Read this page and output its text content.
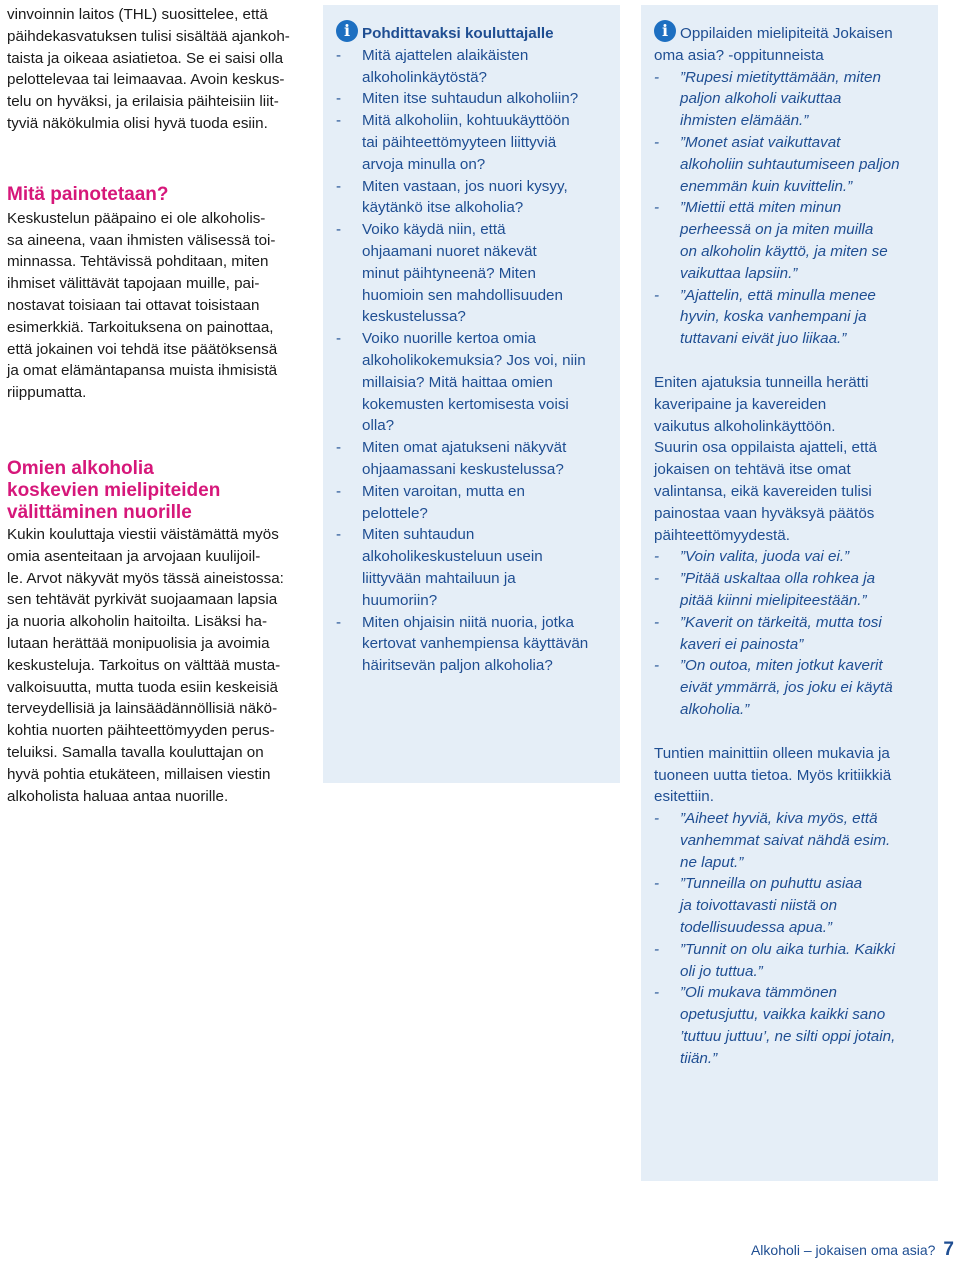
vinvoinnin laitos (THL) suosittelee, että

päihdekasvatuksen tulisi sisältää ajankoh-

taista ja oikeaa asiatietoa. Se ei saisi olla

pelottelevaa tai leimaavaa. Avoin keskus-

telu on hyväksi, ja erilaisia päihteisiin liit-

tyviä näkökulmia olisi hyvä tuoda esiin.

Mitä painotetaan?

Keskustelun pääpaino ei ole alkoholis-

sa aineena, vaan ihmisten välisessä toi-

minnassa. Tehtävissä pohditaan, miten

ihmiset välittävät tapojaan muille, pai-

nostavat toisiaan tai ottavat toisistaan

esimerkkiä. Tarkoituksena on painottaa,

että jokainen voi tehdä itse päätöksensä

ja omat elämäntapansa muista ihmisistä

riippumatta.

Omien alkoholia

koskevien mielipiteiden

välittäminen nuorille

Kukin kouluttaja viestii väistämättä myös

omia asenteitaan ja arvojaan kuulijoil-

le. Arvot näkyvät myös tässä aineistossa:

sen tehtävät pyrkivät suojaamaan lapsia

ja nuoria alkoholin haitoilta. Lisäksi ha-

lutaan herättää monipuolisia ja avoimia

keskusteluja. Tarkoitus on välttää musta-

valkoisuutta, mutta tuoda esiin keskeisiä

terveydellisiä ja lainsäädännöllisiä näkö-

kohtia nuorten päihteettömyyden perus-

teluiksi. Samalla tavalla kouluttajan on

hyvä pohtia etukäteen, millaisen viestin

alkoholista haluaa antaa nuorille.

i Pohdittavaksi kouluttajalle

- Mitä ajattelen alaikäisten
alkoholinkäytöstä?
- Miten itse suhtaudun alkoholiin?
- Mitä alkoholiin, kohtuukäyttöön
tai päihteettömyyteen liittyviä
arvoja minulla on?
- Miten vastaan, jos nuori kysyy,
käytänkö itse alkoholia?
- Voiko käydä niin, että
ohjaamani nuoret näkevät
minut päihtyneenä? Miten
huomioin sen mahdollisuuden
keskustelussa?
- Voiko nuorille kertoa omia
alkoholikokemuksia? Jos voi, niin
millaisia? Mitä haittaa omien
kokemusten kertomisesta voisi
olla?
- Miten omat ajatukseni näkyvät
ohjaamassani keskustelussa?
- Miten varoitan, mutta en
pelottele?
- Miten suhtaudun
alkoholikeskusteluun usein
liittyvään mahtailuun ja
huumoriin?
- Miten ohjaisin niitä nuoria, jotka
kertovat vanhempiensa käyttävän
häiritsevän paljon alkoholia?
i Oppilaiden mielipiteitä Jokaisen
oma asia? -oppitunneista
- ”Rupesi mietityttämään, miten
paljon alkoholi vaikuttaa
ihmisten elämään.”
- ”Monet asiat vaikuttavat
alkoholiin suhtautumiseen paljon
enemmän kuin kuvittelin.”
- ”Miettii että miten minun
perheessä on ja miten muilla
on alkoholin käyttö, ja miten se
vaikuttaa lapsiin.”
- ”Ajattelin, että minulla menee
hyvin, koska vanhempani ja
tuttavani eivät juo liikaa.”

Eniten ajatuksia tunneilla herätti

kaveripaine ja kavereiden

vaikutus alkoholinkäyttöön.

Suurin osa oppilaista ajatteli, että

jokaisen on tehtävä itse omat

valintansa, eikä kavereiden tulisi

painostaa vaan hyväksyä päätös

päihteettömyydestä.

- ”Voin valita, juoda vai ei.”
- ”Pitää uskaltaa olla rohkea ja
pitää kiinni mielipiteestään.”
- ”Kaverit on tärkeitä, mutta tosi
kaveri ei painosta”
- ”On outoa, miten jotkut kaverit
eivät ymmärrä, jos joku ei käytä
alkoholia.”

Tuntien mainittiin olleen mukavia ja

tuoneen uutta tietoa. Myös kritiikkiä

esitettiin.

- ”Aiheet hyviä, kiva myös, että
vanhemmat saivat nähdä esim.
ne laput.”
- ”Tunneilla on puhuttu asiaa
ja toivottavasti niistä on
todellisuudessa apua.”
- ”Tunnit on olu aika turhia. Kaikki
oli jo tuttua.”
- ”Oli mukava tämmönen
opetusjuttu, vaikka kaikki sano
’tuttuu juttuu’, ne silti oppi jotain,
tiiän.”
Alkoholi – jokaisen oma asia? 7
